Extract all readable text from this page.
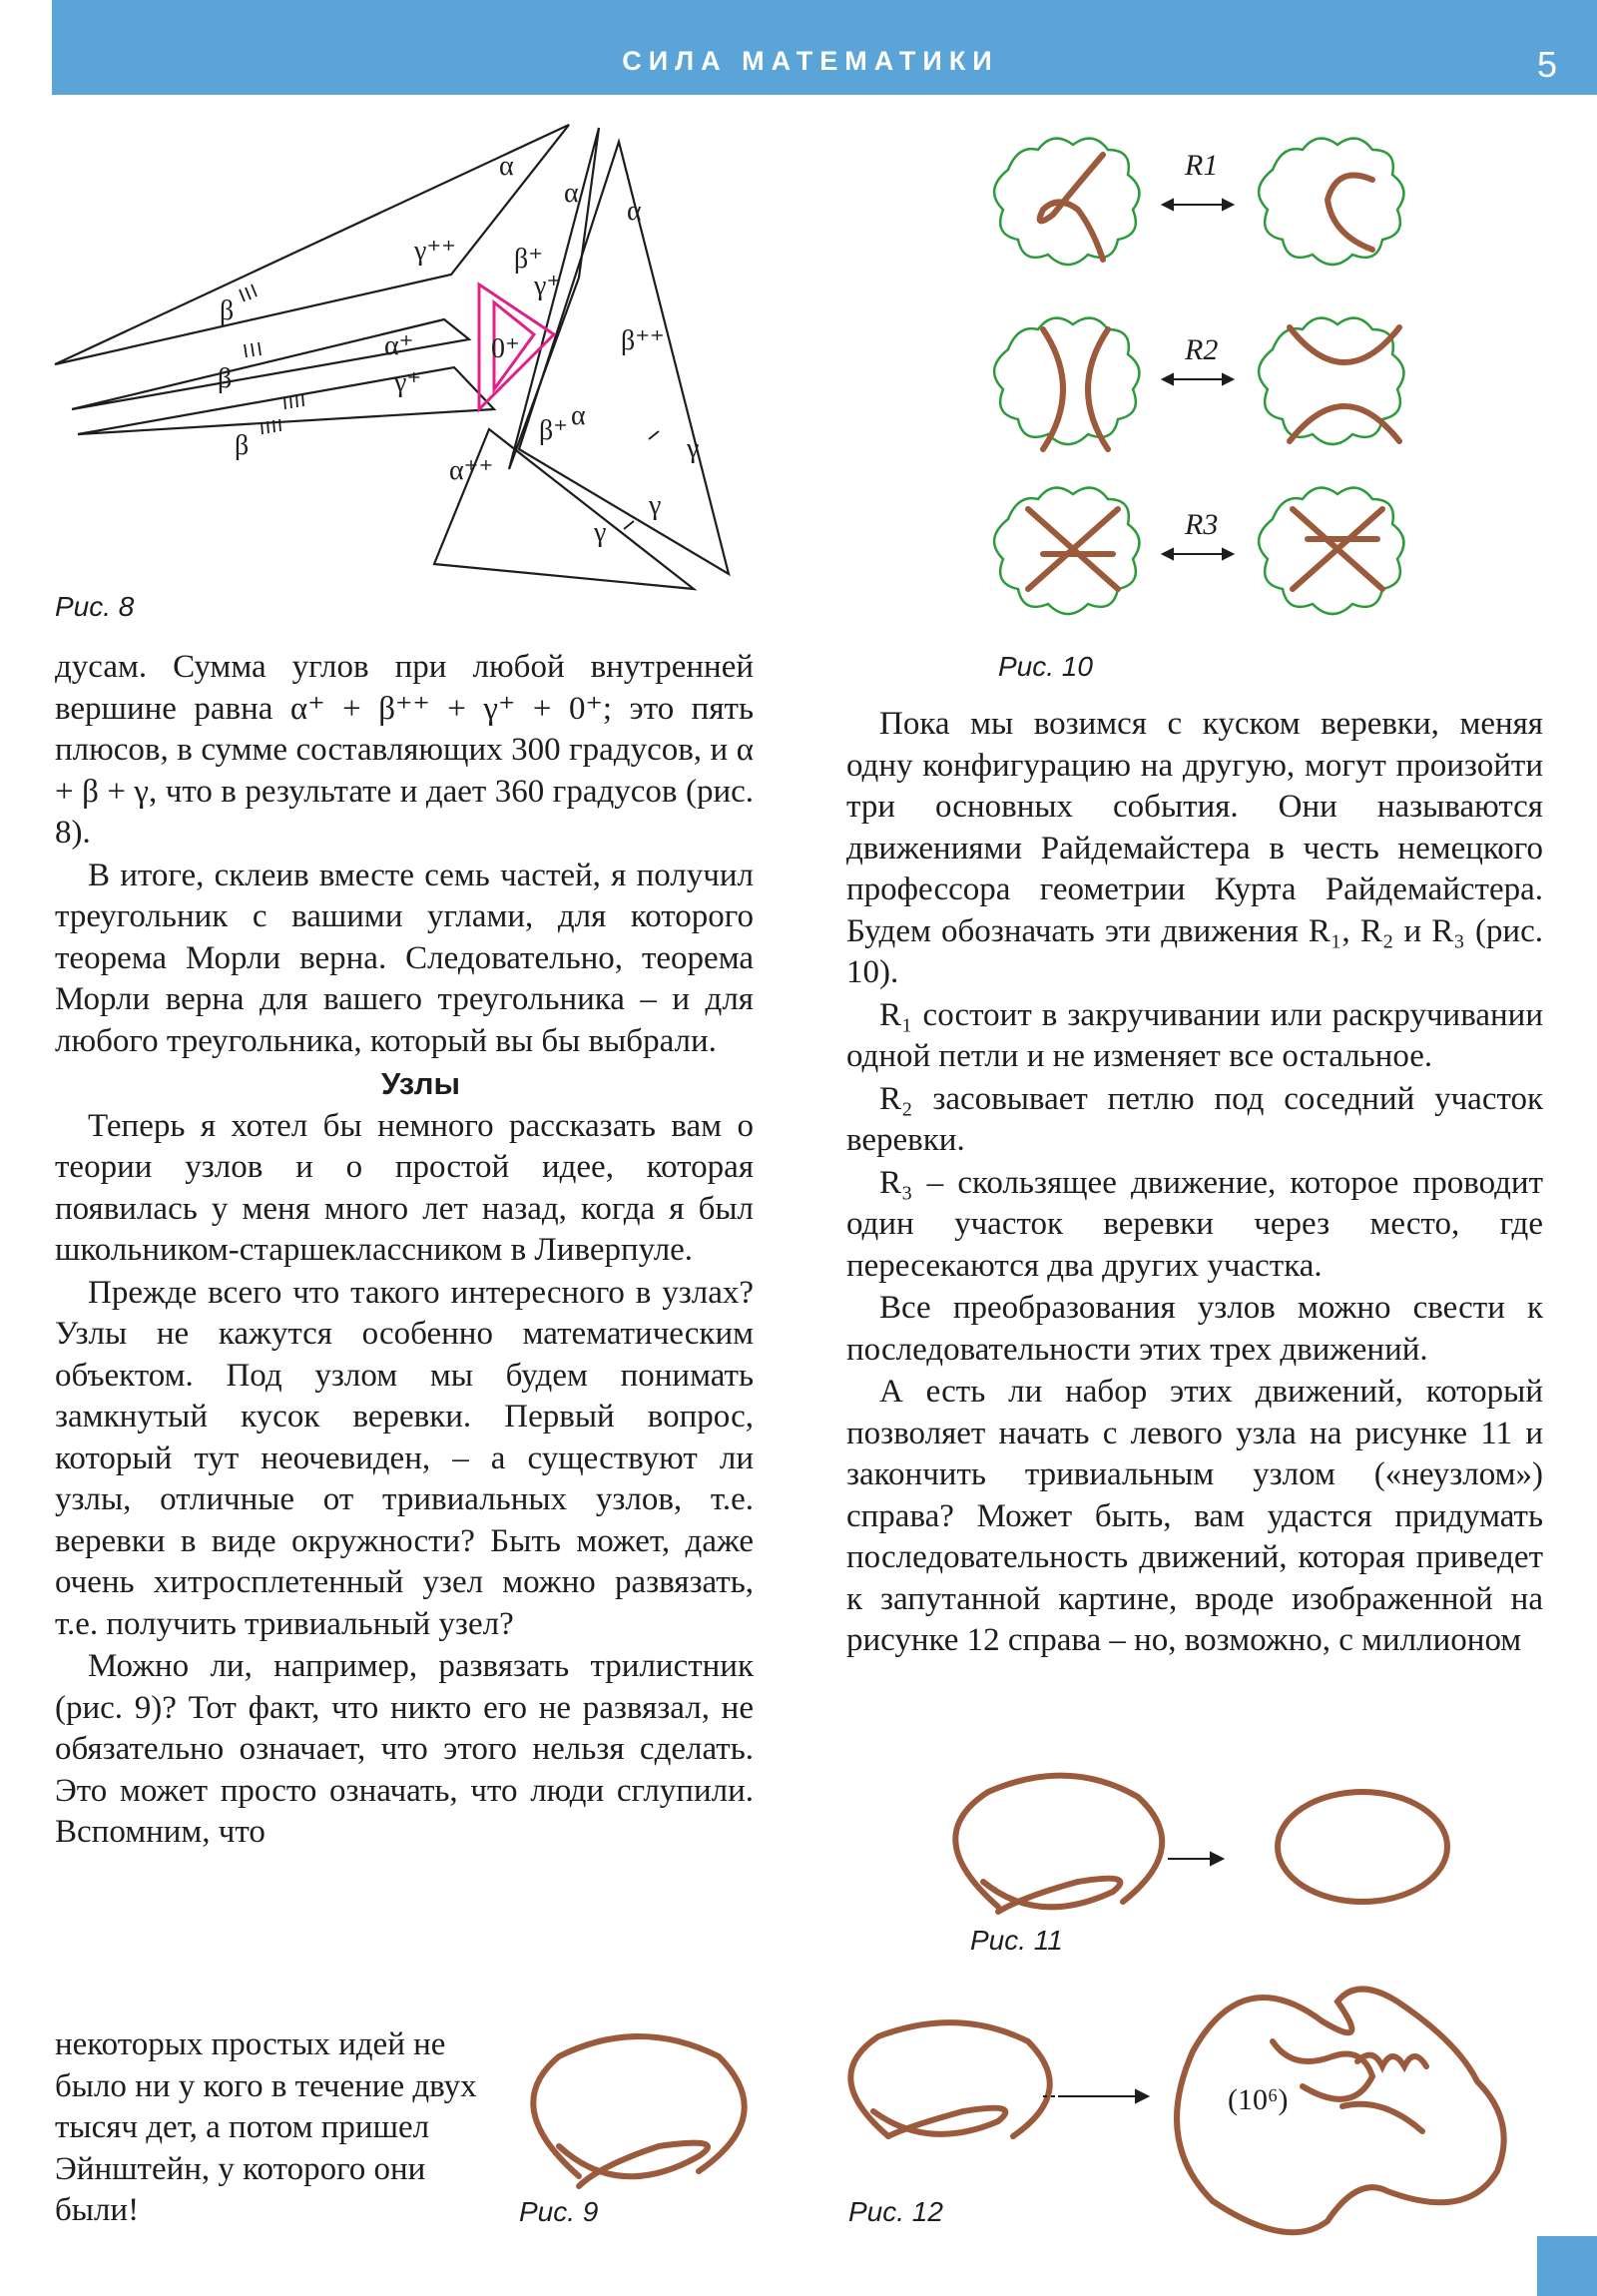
СИЛА МАТЕМАТИКИ	5
α
α
α
β
β
β
γ⁺⁺ β⁺
γ⁺
α⁺
γ⁺
0⁺	β⁺⁺
β⁺ α
α⁺⁺
γ
γ
γ
Рис. 8
R1
R2
R3
Рис. 10

дусам. Сумма углов при любой внутренней вершине равна α⁺ + β⁺⁺ + γ⁺ + 0⁺; это пять плюсов, в сумме составляющих 300 градусов, и α + β + γ, что в результате и дает 360 градусов (рис. 8).

В итоге, склеив вместе семь частей, я получил треугольник с вашими углами, для которого теорема Морли верна. Следовательно, теорема Морли верна для вашего треугольника – и для любого треугольника, который вы бы выбрали.

Узлы

Теперь я хотел бы немного рассказать вам о теории узлов и о простой идее, которая появилась у меня много лет назад, когда я был школьником-старшеклассником в Ливерпуле.

Прежде всего что такого интересного в узлах? Узлы не кажутся особенно математическим объектом. Под узлом мы будем понимать замкнутый кусок веревки. Первый вопрос, который тут неочевиден, – а существуют ли узлы, отличные от тривиальных узлов, т.е. веревки в виде окружности? Быть может, даже очень хитросплетенный узел можно развязать, т.е. получить тривиальный узел?

Можно ли, например, развязать трилистник (рис. 9)? Тот факт, что никто его не развязал, не обязательно означает, что этого нельзя сделать. Это может просто означать, что люди сглупили. Вспомним, что

некоторых простых идей не было ни у кого в течение двух тысяч дет, а потом пришел Эйнштейн, у которого они были!	Рис. 9

Пока мы возимся с куском веревки, меняя одну конфигурацию на другую, могут произойти три основных события. Они называются движениями Райдемайстера в честь немецкого профессора геометрии Курта Райдемайстера. Будем обозначать эти движения R₁, R₂ и R₃ (рис. 10).

R₁ состоит в закручивании или раскручивании одной петли и не изменяет все остальное.

R₂ засовывает петлю под соседний участок веревки.

R₃ – скользящее движение, которое проводит один участок веревки через место, где пересекаются два других участка.

Все преобразования узлов можно свести к последовательности этих трех движений.

А есть ли набор этих движений, который позволяет начать с левого узла на рисунке 11 и закончить тривиальным узлом («неузлом») справа? Может быть, вам удастся придумать последовательность движений, которая приведет к запутанной картине, вроде изображенной на рисунке 12 справа – но, возможно, с миллионом

Рис. 11
(10⁶)
Рис. 12
